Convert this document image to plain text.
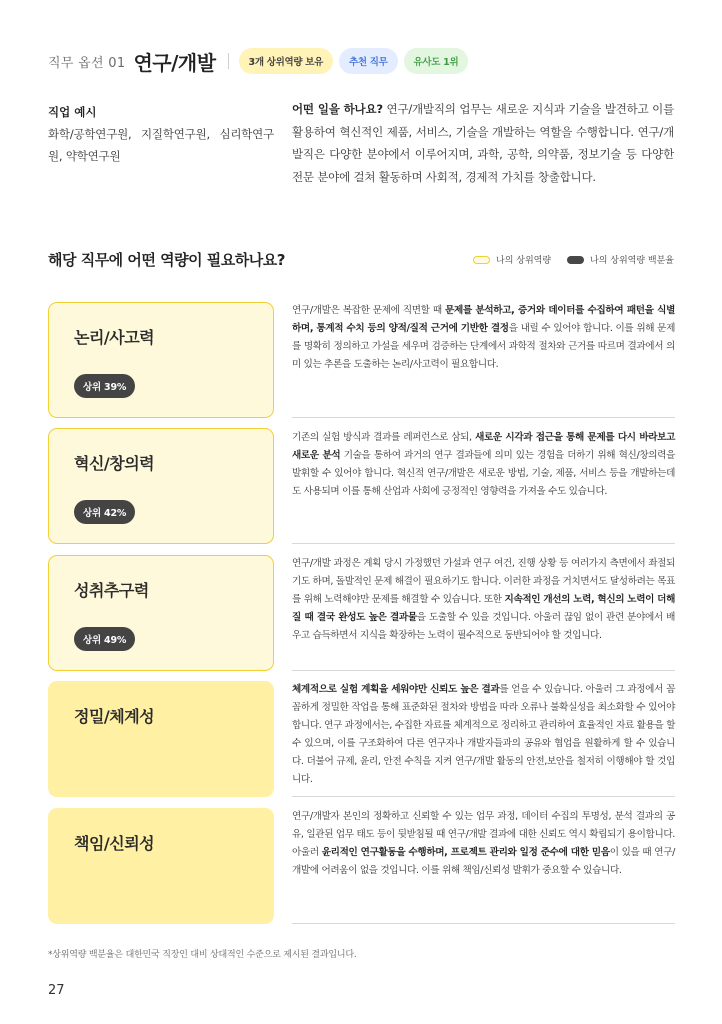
직무 옵션 01 연구/개발	3개 상위역량 보유	추천 직무	유사도 1위
직업 예시
화학/공학연구원, 지질학연구원, 심리학연구원, 약학연구원
어떤 일을 하나요? 연구/개발직의 업무는 새로운 지식과 기술을 발견하고 이를 활용하여 혁신적인 제품, 서비스, 기술을 개발하는 역할을 수행합니다. 연구/개발직은 다양한 분야에서 이루어지며, 과학, 공학, 의약품, 정보기술 등 다양한 전문 분야에 걸쳐 활동하며 사회적, 경제적 가치를 창출합니다.
해당 직무에 어떤 역량이 필요하나요?	나의 상위역량	나의 상위역량 백분율
논리/사고력
상위 39%
혁신/창의력
상위 42%
성취추구력
상위 49%
정밀/체계성
책임/신뢰성
연구/개발은 복잡한 문제에 직면할 때 문제를 분석하고, 증거와 데이터를 수집하여 패턴을 식별하며, 통계적 수치 등의 양적/질적 근거에 기반한 결정을 내릴 수 있어야 합니다. 이를 위해 문제를 명확히 정의하고 가설을 세우며 검증하는 단계에서 과학적 절차와 근거를 따르며 결과에서 의미 있는 추론을 도출하는 논리/사고력이 필요합니다.
기존의 실험 방식과 결과를 레퍼런스로 삼되, 새로운 시각과 접근을 통해 문제를 다시 바라보고 새로운 분석 기술을 통하여 과거의 연구 결과들에 의미 있는 경험을 더하기 위해 혁신/창의력을 발휘할 수 있어야 합니다. 혁신적 연구/개발은 새로운 방법, 기술, 제품, 서비스 등을 개발하는데도 사용되며 이를 통해 산업과 사회에 긍정적인 영향력을 가져올 수도 있습니다.
연구/개발 과정은 계획 당시 가정했던 가설과 연구 여건, 진행 상황 등 여러가지 측면에서 좌절되기도 하며, 돌발적인 문제 해결이 필요하기도 합니다. 이러한 과정을 거치면서도 달성하려는 목표를 위해 노력해야만 문제를 해결할 수 있습니다. 또한 지속적인 개선의 노력, 혁신의 노력이 더해질 때 결국 완성도 높은 결과물을 도출할 수 있을 것입니다. 아울러 끊임 없이 관련 분야에서 배우고 습득하면서 지식을 확장하는 노력이 필수적으로 동반되어야 할 것입니다.
체계적으로 실험 계획을 세워야만 신뢰도 높은 결과를 얻을 수 있습니다. 아울러 그 과정에서 꼼꼼하게 정밀한 작업을 통해 표준화된 절차와 방법을 따라 오류나 불확실성을 최소화할 수 있어야 합니다. 연구 과정에서는, 수집한 자료를 체계적으로 정리하고 관리하여 효율적인 자료 활용을 할 수 있으며, 이를 구조화하여 다른 연구자나 개발자들과의 공유와 협업을 원활하게 할 수 있습니다. 더불어 규제, 윤리, 안전 수칙을 지켜 연구/개발 활동의 안전,보안을 철저히 이행해야 할 것입니다.
연구/개발자 본인의 정확하고 신뢰할 수 있는 업무 과정, 데이터 수집의 투명성, 분석 결과의 공유, 일관된 업무 태도 등이 뒷받침될 때 연구/개발 결과에 대한 신뢰도 역시 확립되기 용이합니다. 아울러 윤리적인 연구활동을 수행하며, 프로젝트 관리와 일정 준수에 대한 믿음이 있을 때 연구/개발에 어려움이 없을 것입니다. 이를 위해 책임/신뢰성 발휘가 중요할 수 있습니다.
*상위역량 백분율은 대한민국 직장인 대비 상대적인 수준으로 제시된 결과입니다.
27
